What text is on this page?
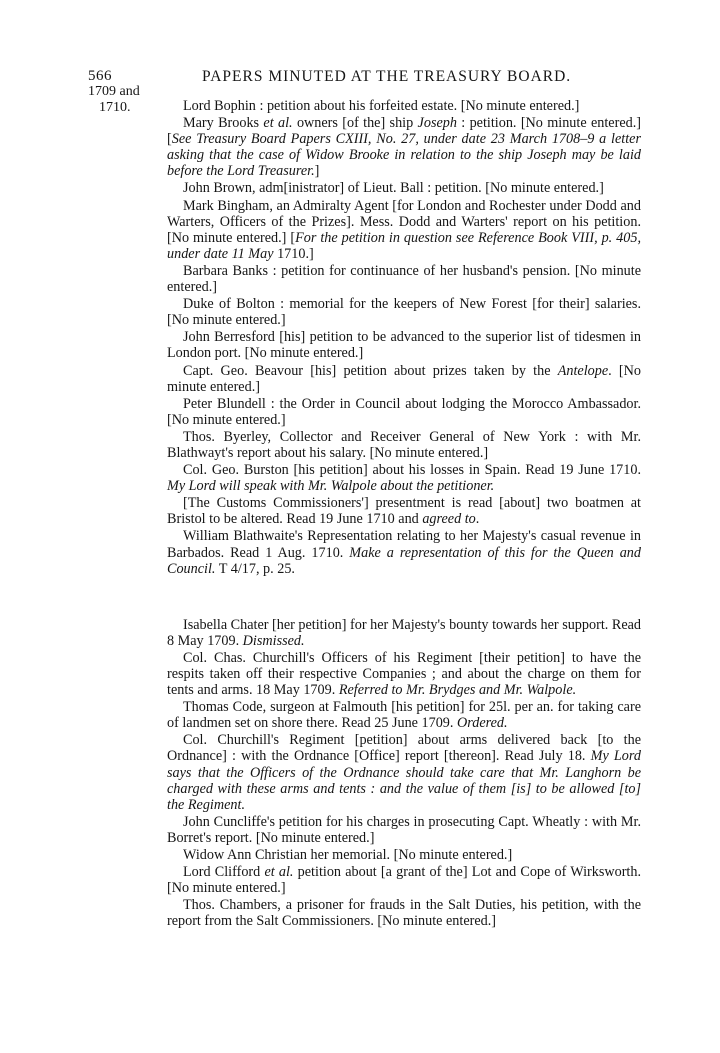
566	PAPERS MINUTED AT THE TREASURY BOARD.
1709 and
1710.	Lord Bophin : petition about his forfeited estate. [No minute entered.]

Mary Brooks et al. owners [of the] ship Joseph : petition. [No minute entered.] [See Treasury Board Papers CXIII, No. 27, under date 23 March 1708–9 a letter asking that the case of Widow Brooke in relation to the ship Joseph may be laid before the Lord Treasurer.]

John Brown, adm[inistrator] of Lieut. Ball : petition. [No minute entered.]

Mark Bingham, an Admiralty Agent [for London and Rochester under Dodd and Warters, Officers of the Prizes]. Mess. Dodd and Warters' report on his petition. [No minute entered.] [For the petition in question see Reference Book VIII, p. 405, under date 11 May 1710.]

Barbara Banks : petition for continuance of her husband's pension. [No minute entered.]

Duke of Bolton : memorial for the keepers of New Forest [for their] salaries. [No minute entered.]

John Berresford [his] petition to be advanced to the superior list of tidesmen in London port. [No minute entered.]

Capt. Geo. Beavour [his] petition about prizes taken by the Antelope. [No minute entered.]

Peter Blundell : the Order in Council about lodging the Morocco Ambassador. [No minute entered.]

Thos. Byerley, Collector and Receiver General of New York : with Mr. Blathwayt's report about his salary. [No minute entered.]

Col. Geo. Burston [his petition] about his losses in Spain. Read 19 June 1710. My Lord will speak with Mr. Walpole about the petitioner.

[The Customs Commissioners'] presentment is read [about] two boatmen at Bristol to be altered. Read 19 June 1710 and agreed to.

William Blathwaite's Representation relating to her Majesty's casual revenue in Barbados. Read 1 Aug. 1710. Make a representation of this for the Queen and Council. T 4/17, p. 25.

Isabella Chater [her petition] for her Majesty's bounty towards her support. Read 8 May 1709. Dismissed.

Col. Chas. Churchill's Officers of his Regiment [their petition] to have the respits taken off their respective Companies ; and about the charge on them for tents and arms. 18 May 1709. Referred to Mr. Brydges and Mr. Walpole.

Thomas Code, surgeon at Falmouth [his petition] for 25l. per an. for taking care of landmen set on shore there. Read 25 June 1709. Ordered.

Col. Churchill's Regiment [petition] about arms delivered back [to the Ordnance] : with the Ordnance [Office] report [thereon]. Read July 18. My Lord says that the Officers of the Ordnance should take care that Mr. Langhorn be charged with these arms and tents : and the value of them [is] to be allowed [to] the Regiment.

John Cuncliffe's petition for his charges in prosecuting Capt. Wheatly : with Mr. Borret's report. [No minute entered.]

Widow Ann Christian her memorial. [No minute entered.]

Lord Clifford et al. petition about [a grant of the] Lot and Cope of Wirksworth. [No minute entered.]

Thos. Chambers, a prisoner for frauds in the Salt Duties, his petition, with the report from the Salt Commissioners. [No minute entered.]
